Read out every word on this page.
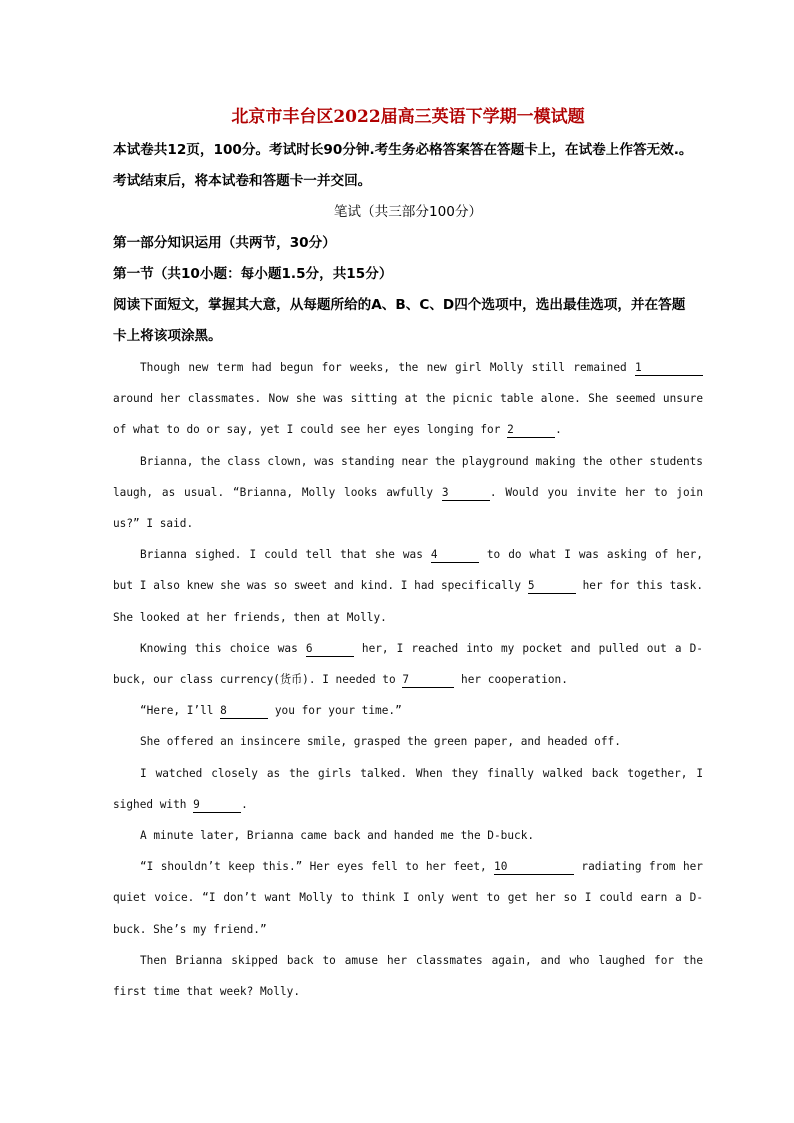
北京市丰台区2022届高三英语下学期一模试题

本试卷共12页，100分。考试时长90分钟.考生务必格答案答在答题卡上，在试卷上作答无效.。

考试结束后，将本试卷和答题卡一并交回。

笔试（共三部分100分）

第一部分知识运用（共两节，30分）

第一节（共10小题：每小题1.5分，共15分）

阅读下面短文，掌握其大意，从每题所给的A、B、C、D四个选项中，选出最佳选项，并在答题

卡上将该项涂黑。

Though new term had begun for weeks, the new girl Molly still remained 1 around her classmates. Now she was sitting at the picnic table alone. She seemed unsure of what to do or say, yet I could see her eyes longing for 2	.

Brianna, the class clown, was standing near the playground making the other students laugh, as usual. “Brianna, Molly looks awfully 3	. Would you invite her to join us?” I said.

Brianna sighed. I could tell that she was 4	to do what I was asking of her, but I also knew she was so sweet and kind. I had specifically 5	her for this task. She looked at her friends, then at Molly.

Knowing this choice was 6	her, I reached into my pocket and pulled out a D-buck, our class currency(货币). I needed to 7	her cooperation.

“Here, I’ll 8	you for your time.”

She offered an insincere smile, grasped the green paper, and headed off.

I watched closely as the girls talked. When they finally walked back together, I sighed with 9	.

A minute later, Brianna came back and handed me the D-buck.

“I shouldn’t keep this.” Her eyes fell to her feet, 10	radiating from her quiet voice. “I don’t want Molly to think I only went to get her so I could earn a D-buck. She’s my friend.”

Then Brianna skipped back to amuse her classmates again, and who laughed for the first time that week? Molly.
